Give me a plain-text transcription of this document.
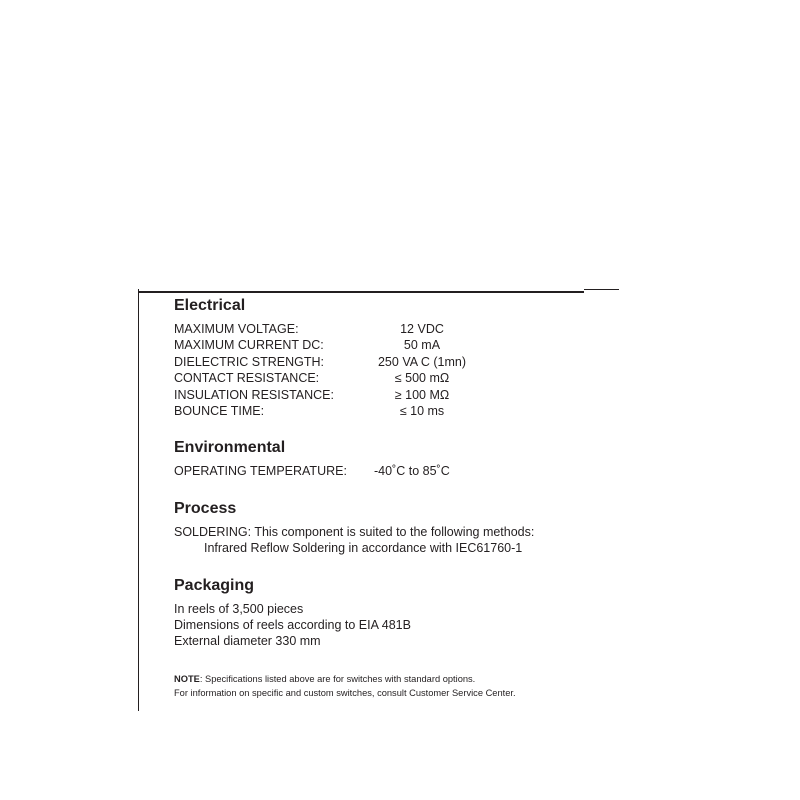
Electrical
MAXIMUM VOLTAGE:	12 VDC
MAXIMUM CURRENT DC:	50 mA
DIELECTRIC STRENGTH:	250 VA C (1mn)
CONTACT RESISTANCE:	≤ 500 mΩ
INSULATION RESISTANCE:	≥ 100 MΩ
BOUNCE TIME:	≤ 10 ms
Environmental
OPERATING TEMPERATURE:	-40˚C to 85˚C
Process
SOLDERING: This component is suited to the following methods:
Infrared Reflow Soldering in accordance with IEC61760-1
Packaging
In reels of 3,500 pieces
Dimensions of reels according to EIA 481B
External diameter 330 mm
NOTE: Specifications listed above are for switches with standard options.
For information on specific and custom switches, consult Customer Service Center.
